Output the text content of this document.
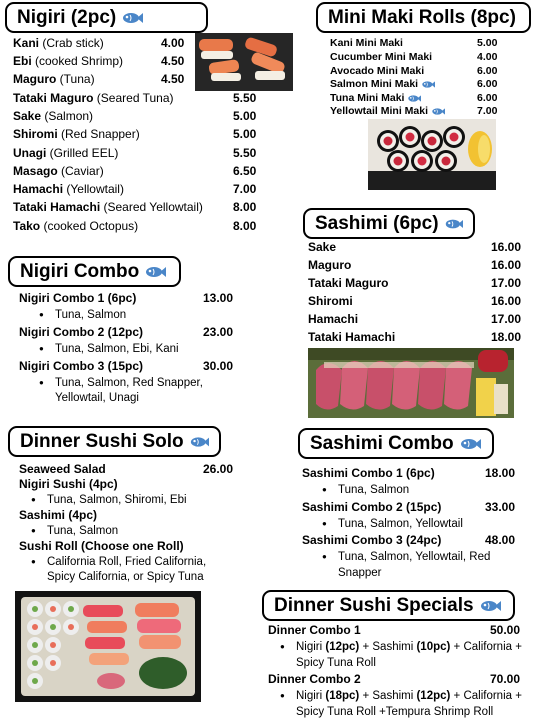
Nigiri (2pc)
Kani (Crab stick)	4.00
Ebi (cooked Shrimp)	4.50
Maguro (Tuna)	4.50
Tataki Maguro (Seared Tuna)	5.50
Sake (Salmon)	5.00
Shiromi (Red Snapper)	5.00
Unagi (Grilled EEL)	5.50
Masago (Caviar)	6.50
Hamachi (Yellowtail)	7.00
Tataki Hamachi (Seared Yellowtail)	8.00
Tako (cooked Octopus)	8.00
Mini Maki Rolls (8pc)
Kani Mini Maki	5.00
Cucumber Mini Maki	4.00
Avocado Mini Maki	6.00
Salmon Mini Maki	6.00
Tuna Mini Maki	6.00
Yellowtail Mini Maki	7.00
Sashimi (6pc)
Sake	16.00
Maguro	16.00
Tataki Maguro	17.00
Shiromi	16.00
Hamachi	17.00
Tataki Hamachi	18.00
Nigiri Combo
Nigiri Combo 1 (6pc)	13.00
● Tuna, Salmon
Nigiri Combo 2 (12pc)	23.00
● Tuna, Salmon, Ebi, Kani
Nigiri Combo 3 (15pc)	30.00
● Tuna, Salmon, Red Snapper,
Yellowtail, Unagi
Dinner Sushi Solo
Seaweed Salad	26.00
Nigiri Sushi (4pc)
● Tuna, Salmon, Shiromi, Ebi
Sashimi (4pc)
● Tuna, Salmon
Sushi Roll (Choose one Roll)
● California Roll, Fried California,
Spicy California, or Spicy Tuna
Sashimi Combo
Sashimi Combo 1 (6pc)	18.00
● Tuna, Salmon
Sashimi Combo 2 (15pc)	33.00
● Tuna, Salmon, Yellowtail
Sashimi Combo 3 (24pc)	48.00
● Tuna, Salmon, Yellowtail, Red
Snapper
Dinner Sushi Specials
Dinner Combo 1	50.00
● Nigiri (12pc) + Sashimi (10pc) + California +
Spicy Tuna Roll
Dinner Combo 2	70.00
● Nigiri (18pc) + Sashimi (12pc) + California +
Spicy Tuna Roll +Tempura Shrimp Roll
